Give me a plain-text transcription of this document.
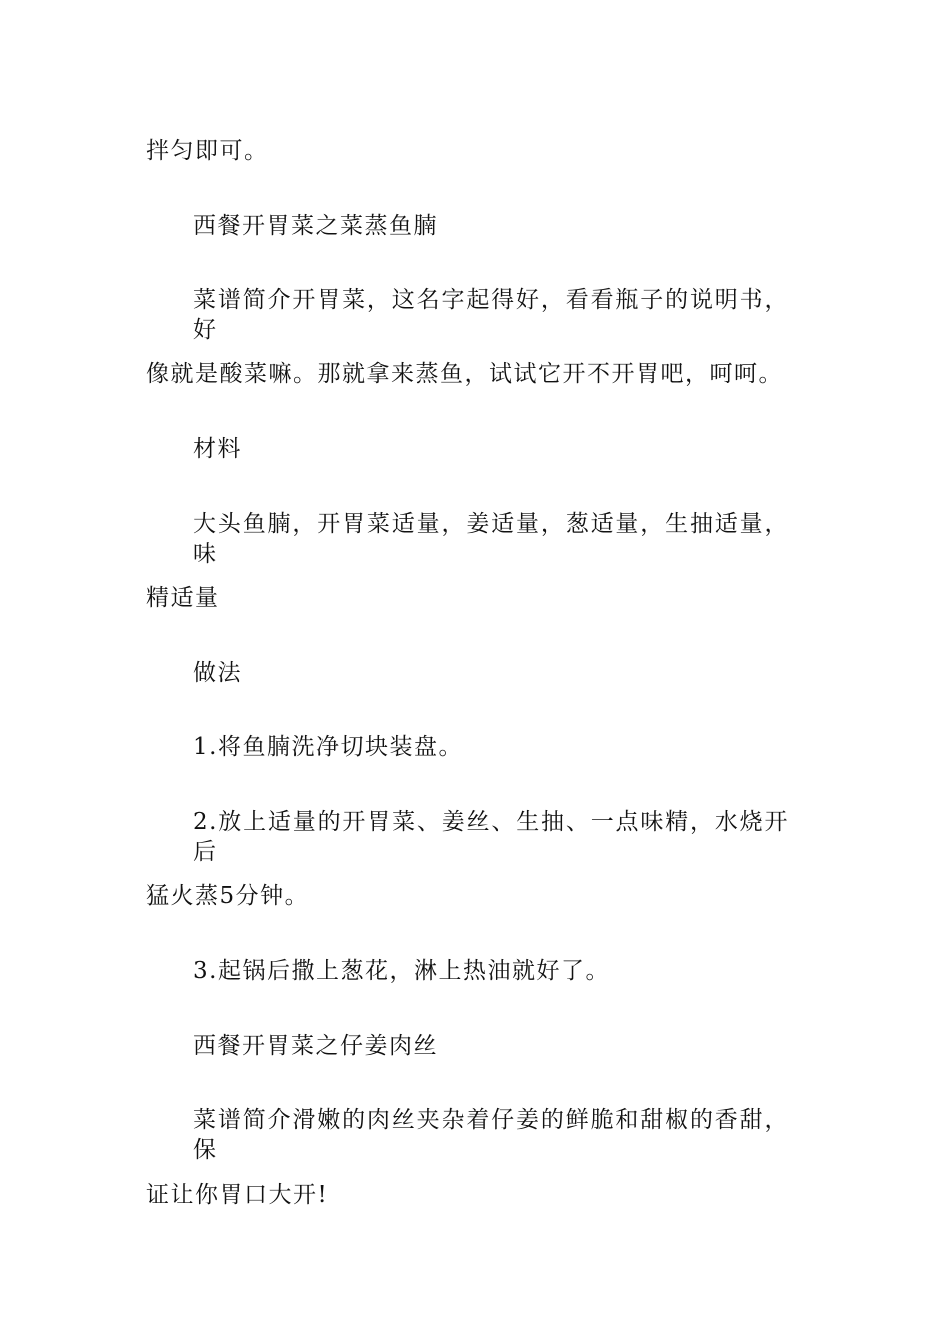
拌匀即可。

西餐开胃菜之菜蒸鱼腩

菜谱简介开胃菜，这名字起得好，看看瓶子的说明书，好

像就是酸菜嘛。那就拿来蒸鱼，试试它开不开胃吧，呵呵。

材料

大头鱼腩，开胃菜适量，姜适量，葱适量，生抽适量，味

精适量

做法

1.将鱼腩洗净切块装盘。

2.放上适量的开胃菜、姜丝、生抽、一点味精，水烧开后

猛火蒸5分钟。

3.起锅后撒上葱花，淋上热油就好了。

西餐开胃菜之仔姜肉丝

菜谱简介滑嫩的肉丝夹杂着仔姜的鲜脆和甜椒的香甜，保

证让你胃口大开!
